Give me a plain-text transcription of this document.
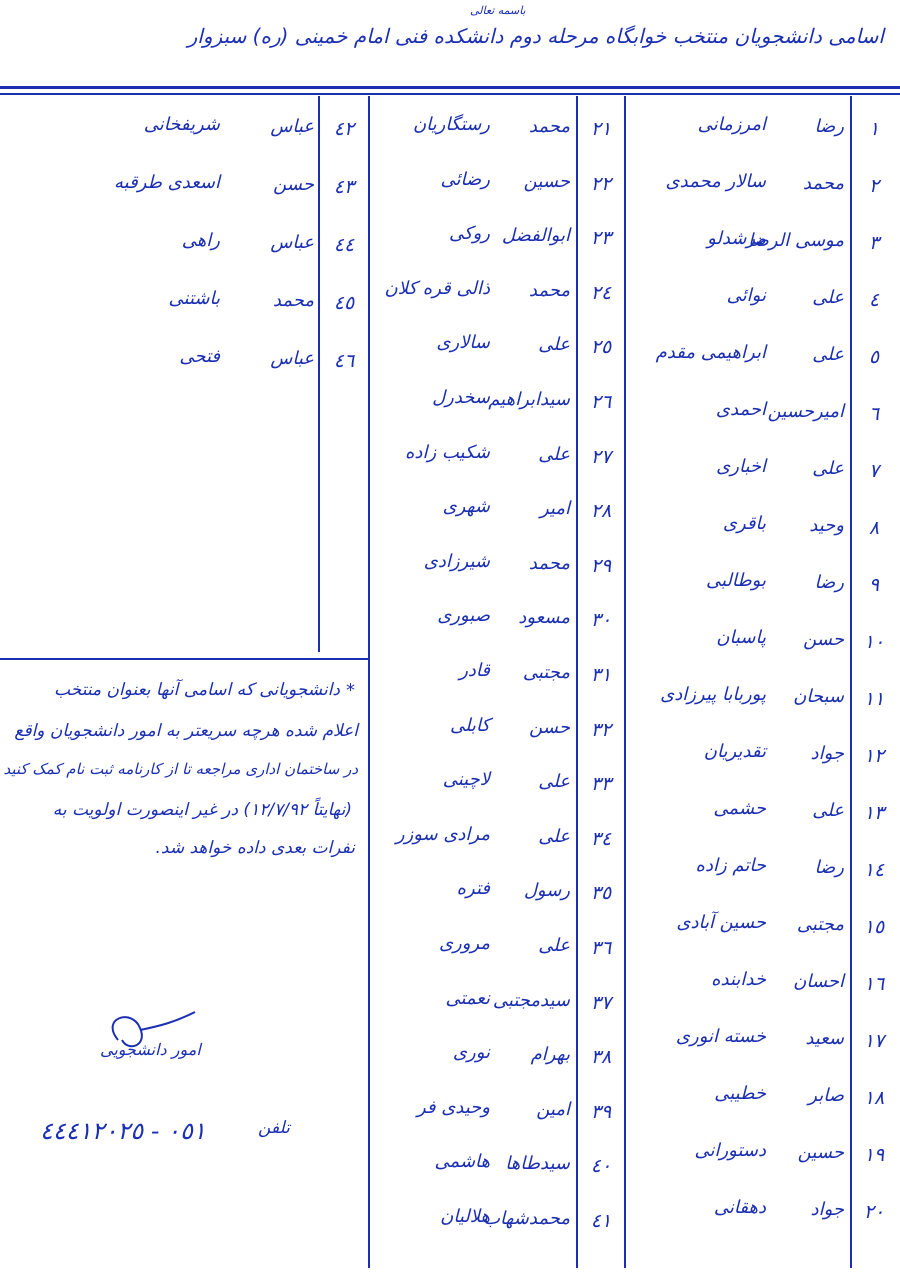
باسمه تعالی
اسامی دانشجویان منتخب خوابگاه مرحله دوم دانشکده فنی امام خمینی (ره) سبزوار
۱
رضا
امرزمانی
۲
محمد
سالار محمدی
۳
موسی الرضا
مرشدلو
٤
علی
نوائی
٥
علی
ابراهیمی مقدم
٦
امیرحسین
احمدی
۷
علی
اخباری
۸
وحید
باقری
۹
رضا
بوطالبی
۱۰
حسن
پاسبان
۱۱
سبحان
پوربابا پیرزادی
۱۲
جواد
تقدیریان
۱۳
علی
حشمی
۱٤
رضا
حاتم زاده
۱٥
مجتبی
حسین آبادی
۱٦
احسان
خدابنده
۱۷
سعید
خسته انوری
۱۸
صابر
خطیبی
۱۹
حسین
دستورانی
۲۰
جواد
دهقانی
۲۱
محمد
رستگاریان
۲۲
حسین
رضائی
۲۳
ابوالفضل
روکی
۲٤
محمد
ذالی قره کلان
۲٥
علی
سالاری
۲٦
سیدابراهیم
سخدرل
۲۷
علی
شکیب زاده
۲۸
امیر
شهری
۲۹
محمد
شیرزادی
۳۰
مسعود
صبوری
۳۱
مجتبی
قادر
۳۲
حسن
کابلی
۳۳
علی
لاچینی
۳٤
علی
مرادی سوزر
۳٥
رسول
فتره
۳٦
علی
مروری
۳۷
سیدمجتبی
نعمتی
۳۸
بهرام
نوری
۳۹
امین
وحیدی فر
٤۰
سیدطاها
هاشمی
٤۱
محمدشهاب
هلالیان
٤۲
عباس
شریفخانی
٤۳
حسن
اسعدی طرقبه
٤٤
عباس
راهی
٤٥
محمد
باشتنی
٤٦
عباس
فتحی
*
دانشجویانی که اسامی آنها بعنوان منتخب
اعلام شده هرچه سریعتر به امور دانشجویان واقع
در ساختمان اداری مراجعه تا از کارنامه ثبت نام کمک کنید
(نهایتاً ۱۲/۷/۹۲) در غیر اینصورت اولویت به
نفرات بعدی داده خواهد شد.
امور دانشجویی
تلفن
٠٥١ - ٤٤٤١٢٠٢٥
